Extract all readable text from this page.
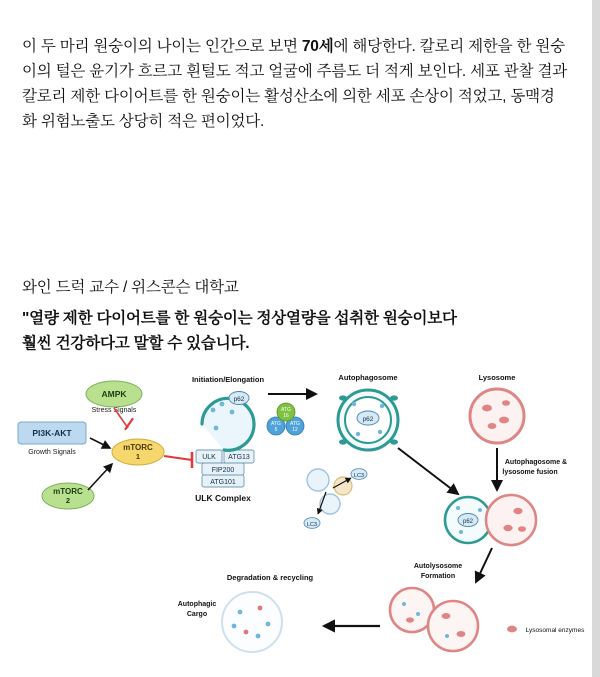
이 두 마리 원숭이의 나이는 인간으로 보면 70세에 해당한다. 칼로리 제한을 한 원숭이의 털은 윤기가 흐르고 흰털도 적고 얼굴에 주름도 더 적게 보인다. 세포 관찰 결과 칼로리 제한 다이어트를 한 원숭이는 활성산소에 의한 세포 손상이 적었고, 동맥경화 위험노출도 상당히 적은 편이었다.
와인 드럭 교수 / 위스콘슨 대학교
"열량 제한 다이어트를 한 원숭이는 정상열량을 섭취한 원숭이보다
훨씬 건강하다고 말할 수 있습니다.
AMPK
Stress Signals
PI3K-AKT
Growth Signals
mTORC
2
mTORC
1	ULK ATG13
FIP200
ATG101
ULK Complex
Initiation/Elongation
p62
ATG
5
ATG
12
ATG
16
Autophagosome
p62
Lysosome
Autophagosome &
lysosome fusion
p62
Autolysosome
Formation
Lysosomal enzymes
Degradation & recycling
Autophagic
Cargo
LC3
LC3
